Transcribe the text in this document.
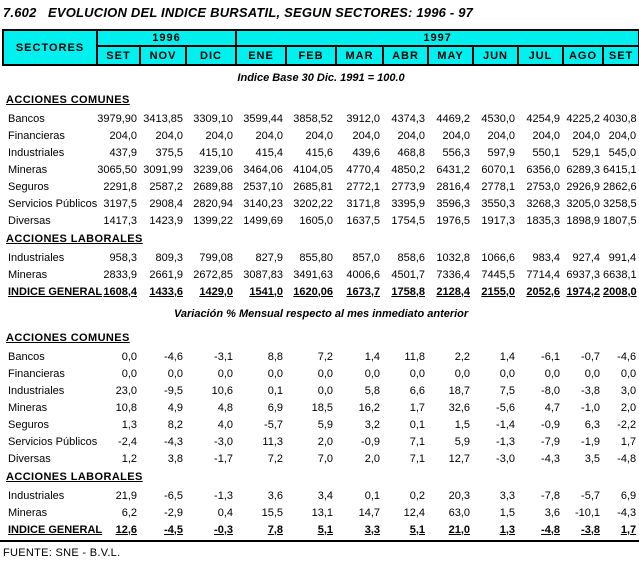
7.602   EVOLUCION DEL INDICE BURSATIL, SEGUN SECTORES: 1996 - 97
SECTORES	1996			1997								
	SET	NOV	DIC	ENE	FEB	MAR	ABR	MAY	JUN	JUL	AGO	SET
Indice Base 30 Dic. 1991 = 100.0												
ACCIONES COMUNES												
Bancos	3979,90	3413,85	3309,10	3599,44	3858,52	3912,0	4374,3	4469,2	4530,0	4254,9	4225,2	4030,8
Financieras	204,0	204,0	204,0	204,0	204,0	204,0	204,0	204,0	204,0	204,0	204,0	204,0
Industriales	437,9	375,5	415,10	415,4	415,6	439,6	468,8	556,3	597,9	550,1	529,1	545,0
Mineras	3065,50	3091,99	3239,06	3464,06	4104,05	4770,4	4850,2	6431,2	6070,1	6356,0	6289,3	6415,1
Seguros	2291,8	2587,2	2689,88	2537,10	2685,81	2772,1	2773,9	2816,4	2778,1	2753,0	2926,9	2862,6
Servicios Públicos	3197,5	2908,4	2820,94	3140,23	3202,22	3171,8	3395,9	3596,3	3550,3	3268,3	3205,0	3258,5
Diversas	1417,3	1423,9	1399,22	1499,69	1605,0	1637,5	1754,5	1976,5	1917,3	1835,3	1898,9	1807,5
ACCIONES LABORALES												
Industriales	958,3	809,3	799,08	827,9	855,80	857,0	858,6	1032,8	1066,6	983,4	927,4	991,4
Mineras	2833,9	2661,9	2672,85	3087,83	3491,63	4006,6	4501,7	7336,4	7445,5	7714,4	6937,3	6638,1
INDICE GENERAL	1608,4	1433,6	1429,0	1541,0	1620,06	1673,7	1758,8	2128,4	2155,0	2052,6	1974,2	2008,0
Variación % Mensual respecto al mes inmediato anterior												
ACCIONES COMUNES												
Bancos	0,0	-4,6	-3,1	8,8	7,2	1,4	11,8	2,2	1,4	-6,1	-0,7	-4,6
Financieras	0,0	0,0	0,0	0,0	0,0	0,0	0,0	0,0	0,0	0,0	0,0	0,0
Industriales	23,0	-9,5	10,6	0,1	0,0	5,8	6,6	18,7	7,5	-8,0	-3,8	3,0
Mineras	10,8	4,9	4,8	6,9	18,5	16,2	1,7	32,6	-5,6	4,7	-1,0	2,0
Seguros	1,3	8,2	4,0	-5,7	5,9	3,2	0,1	1,5	-1,4	-0,9	6,3	-2,2
Servicios Públicos	-2,4	-4,3	-3,0	11,3	2,0	-0,9	7,1	5,9	-1,3	-7,9	-1,9	1,7
Diversas	1,2	3,8	-1,7	7,2	7,0	2,0	7,1	12,7	-3,0	-4,3	3,5	-4,8
ACCIONES LABORALES												
Industriales	21,9	-6,5	-1,3	3,6	3,4	0,1	0,2	20,3	3,3	-7,8	-5,7	6,9
Mineras	6,2	-2,9	0,4	15,5	13,1	14,7	12,4	63,0	1,5	3,6	-10,1	-4,3
INDICE GENERAL	12,6	-4,5	-0,3	7,8	5,1	3,3	5,1	21,0	1,3	-4,8	-3,8	1,7
FUENTE: SNE - B.V.L.
